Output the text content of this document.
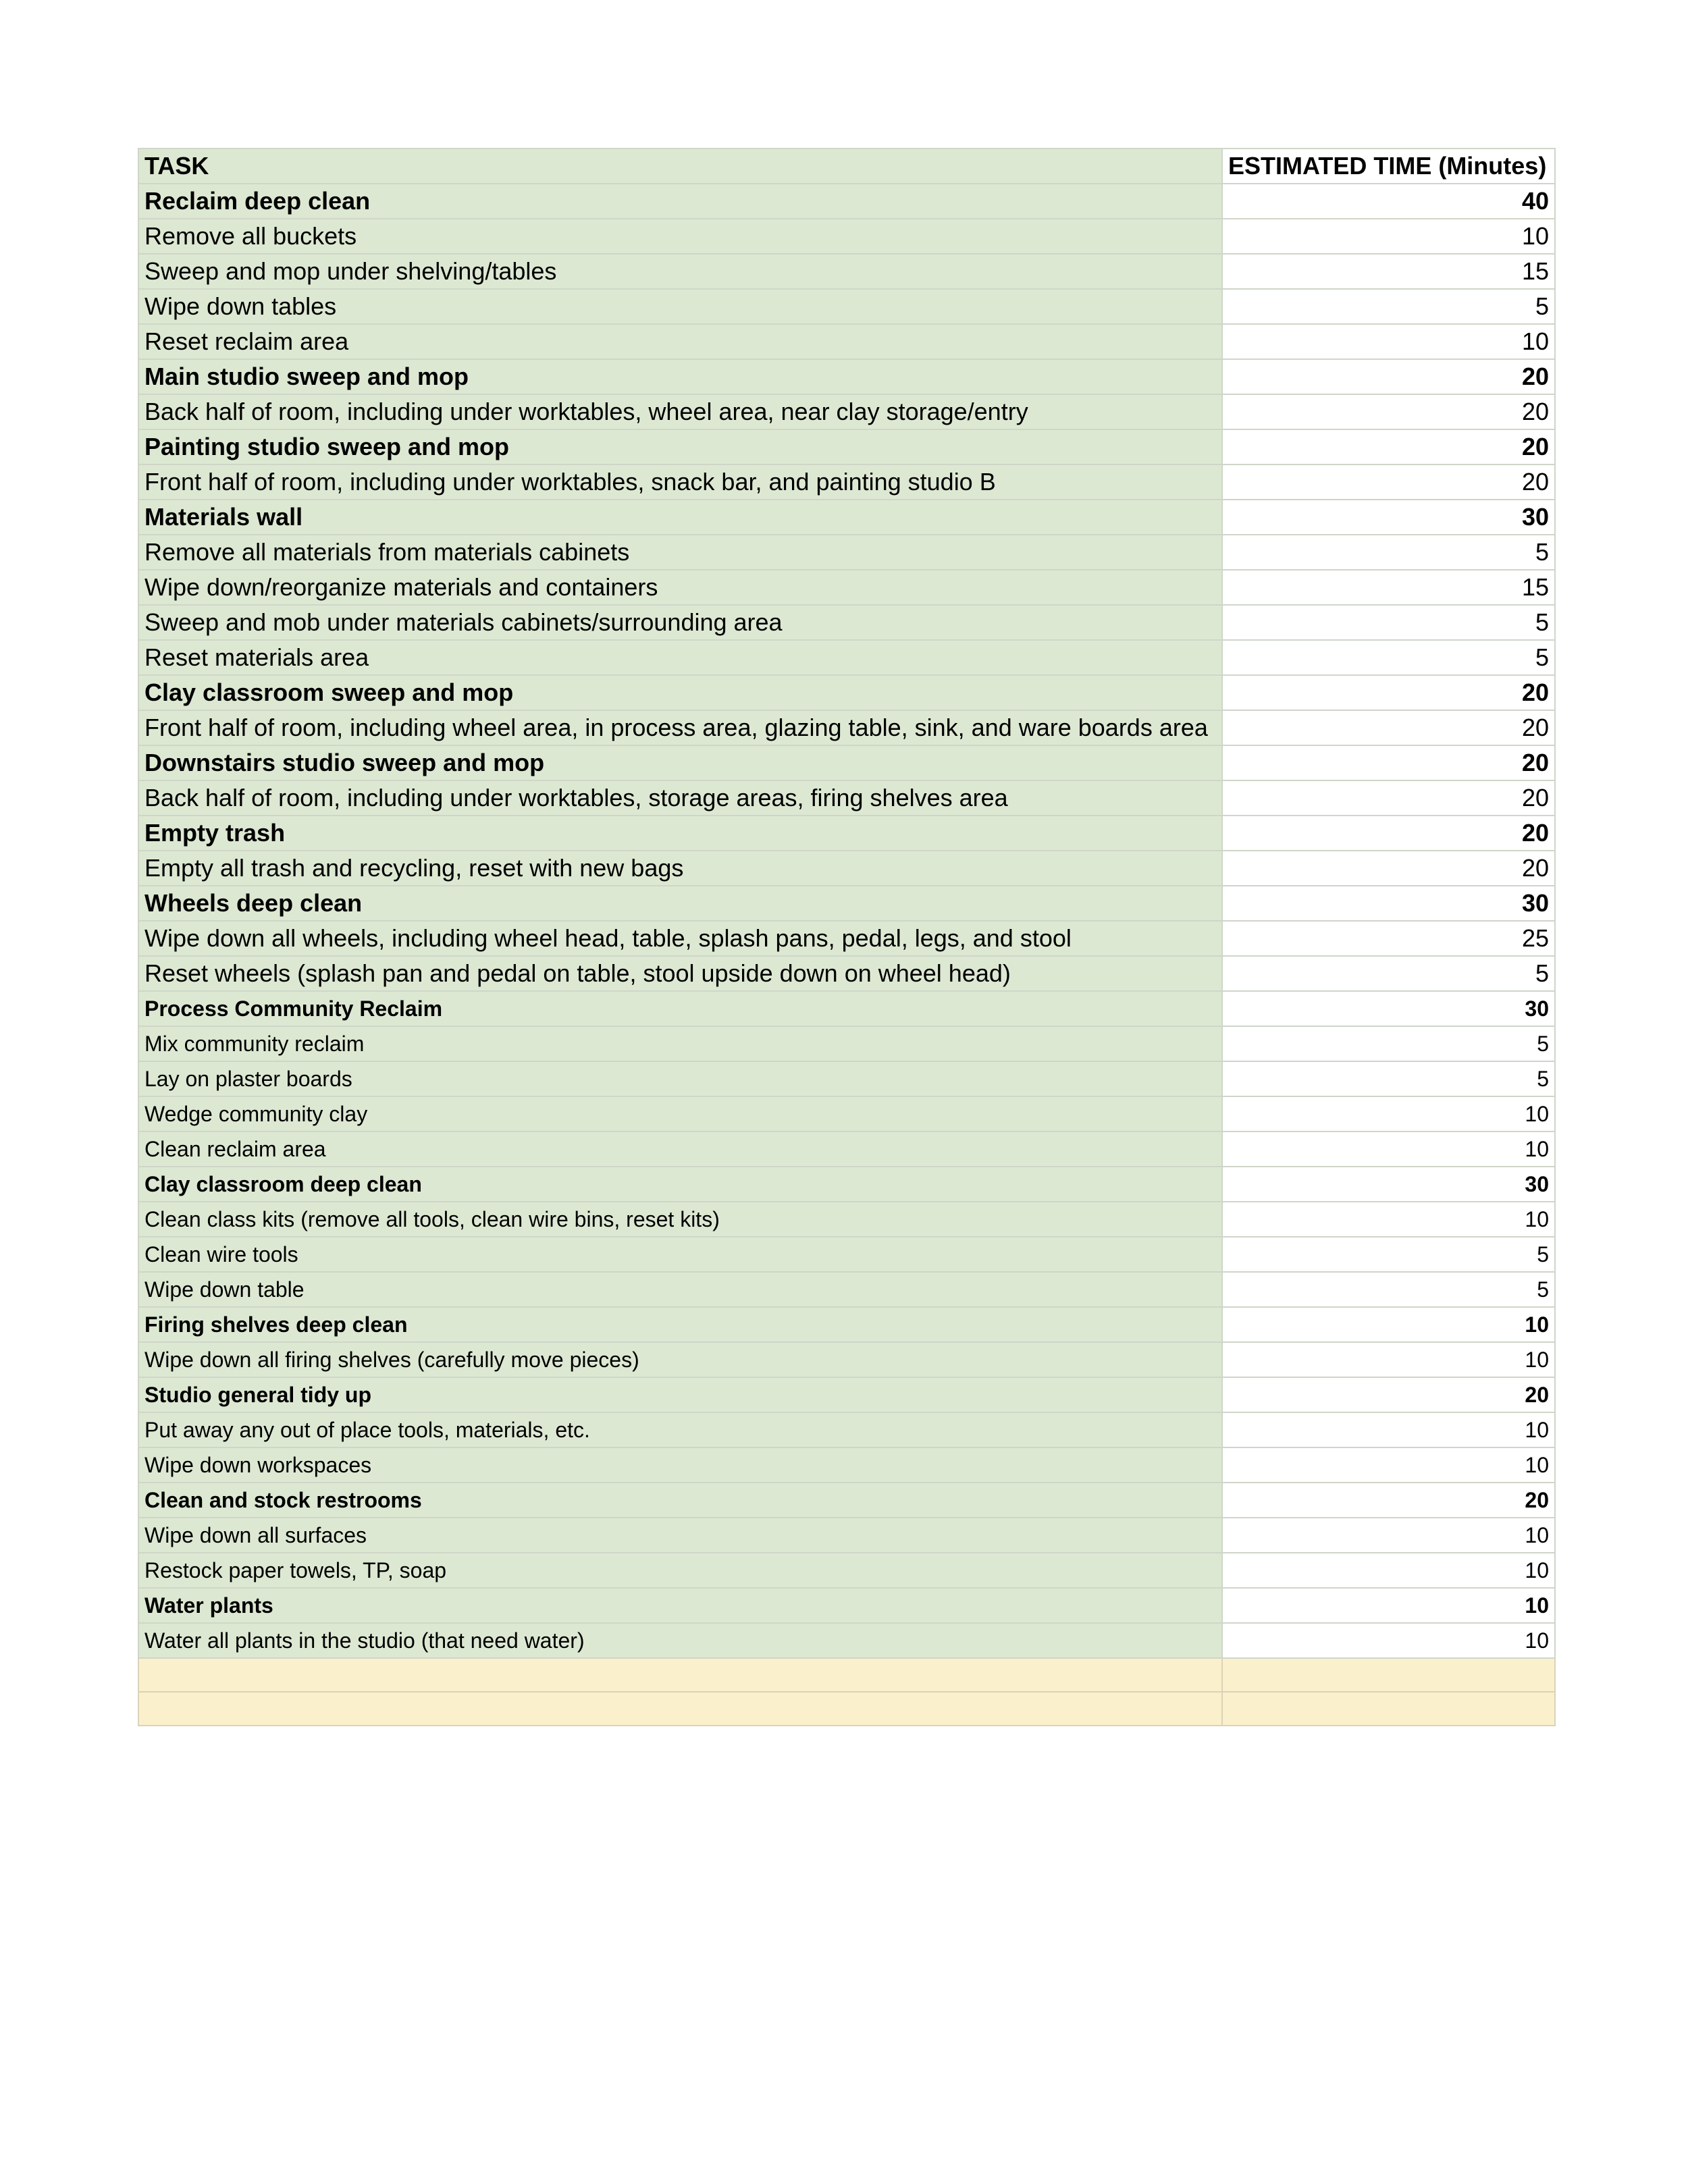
TASK	ESTIMATED TIME (Minutes)
Reclaim deep clean	40
Remove all buckets	10
Sweep and mop under shelving/tables	15
Wipe down tables	5
Reset reclaim area	10
Main studio sweep and mop	20
Back half of room, including under worktables, wheel area, near clay storage/entry	20
Painting studio sweep and mop	20
Front half of room, including under worktables, snack bar, and painting studio B	20
Materials wall	30
Remove all materials from materials cabinets	5
Wipe down/reorganize materials and containers	15
Sweep and mob under materials cabinets/surrounding area	5
Reset materials area	5
Clay classroom sweep and mop	20
Front half of room, including wheel area, in process area, glazing table, sink, and ware boards area	20
Downstairs studio sweep and mop	20
Back half of room, including under worktables, storage areas, firing shelves area	20
Empty trash	20
Empty all trash and recycling, reset with new bags	20
Wheels deep clean	30
Wipe down all wheels, including wheel head, table, splash pans, pedal, legs, and stool	25
Reset wheels (splash pan and pedal on table, stool upside down on wheel head)	5
Process Community Reclaim	30
Mix community reclaim	5
Lay on plaster boards	5
Wedge community clay	10
Clean reclaim area	10
Clay classroom deep clean	30
Clean class kits (remove all tools, clean wire bins, reset kits)	10
Clean wire tools	5
Wipe down table	5
Firing shelves deep clean	10
Wipe down all firing shelves (carefully move pieces)	10
Studio general tidy up	20
Put away any out of place tools, materials, etc.	10
Wipe down workspaces	10
Clean and stock restrooms	20
Wipe down all surfaces	10
Restock paper towels, TP, soap	10
Water plants	10
Water all plants in the studio (that need water)	10
